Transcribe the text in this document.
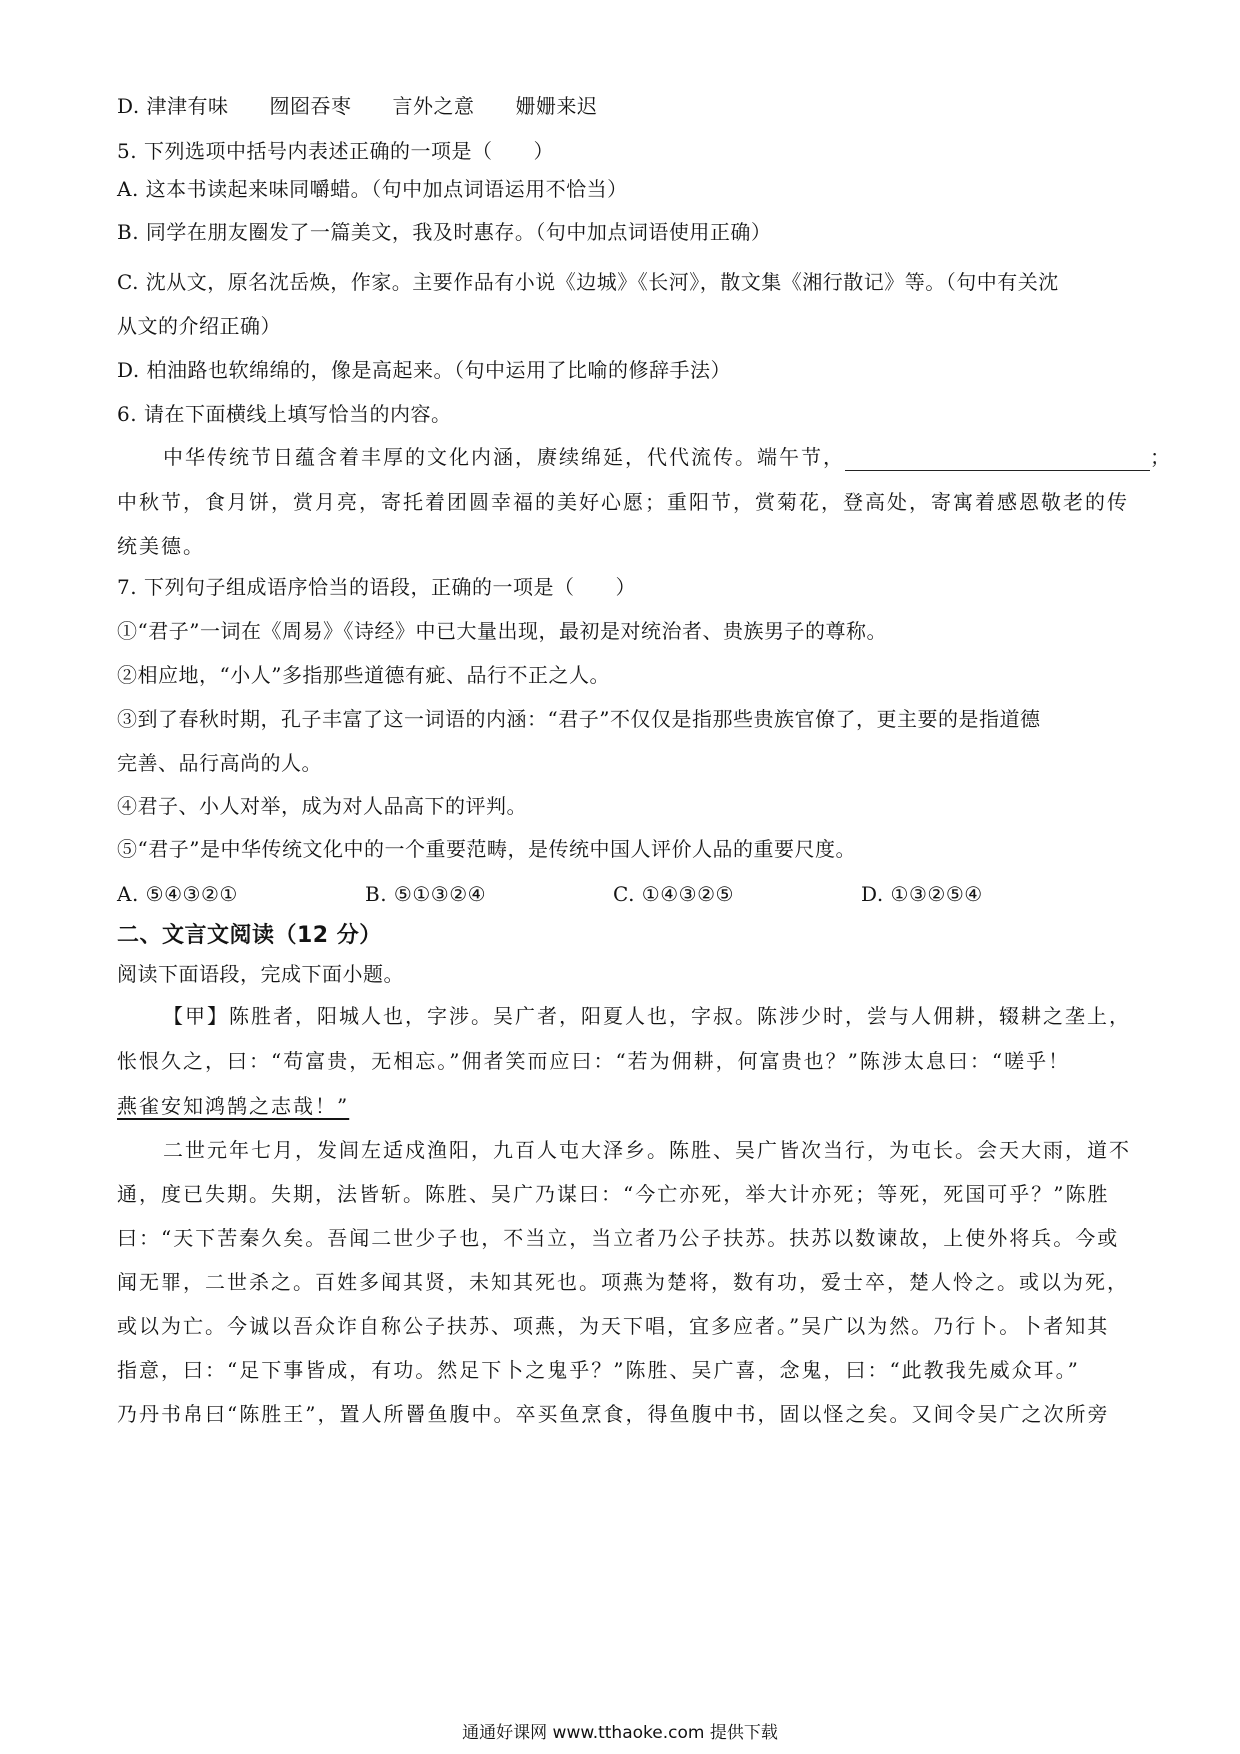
D. 津津有味　　囫囵吞枣　　言外之意　　姗姗来迟
5. 下列选项中括号内表述正确的一项是（　　）
A. 这本书读起来味同嚼蜡。（句中加点词语运用不恰当）
B. 同学在朋友圈发了一篇美文，我及时惠存。（句中加点词语使用正确）
C. 沈从文，原名沈岳焕，作家。主要作品有小说《边城》《长河》，散文集《湘行散记》等。（句中有关沈
从文的介绍正确）
D. 柏油路也软绵绵的，像是高起来。（句中运用了比喻的修辞手法）
6. 请在下面横线上填写恰当的内容。
中华传统节日蕴含着丰厚的文化内涵，赓续绵延，代代流传。端午节，	；
中秋节，食月饼，赏月亮，寄托着团圆幸福的美好心愿；重阳节，赏菊花，登高处，寄寓着感恩敬老的传
统美德。
7. 下列句子组成语序恰当的语段，正确的一项是（　　）
①“君子”一词在《周易》《诗经》中已大量出现，最初是对统治者、贵族男子的尊称。
②相应地，“小人”多指那些道德有疵、品行不正之人。
③到了春秋时期，孔子丰富了这一词语的内涵：“君子”不仅仅是指那些贵族官僚了，更主要的是指道德
完善、品行高尚的人。
④君子、小人对举，成为对人品高下的评判。
⑤“君子”是中华传统文化中的一个重要范畴，是传统中国人评价人品的重要尺度。
A. ⑤④③②①	B. ⑤①③②④	C. ①④③②⑤	D. ①③②⑤④
二、文言文阅读（12 分）
阅读下面语段，完成下面小题。
【甲】陈胜者，阳城人也，字涉。吴广者，阳夏人也，字叔。陈涉少时，尝与人佣耕，辍耕之垄上，
怅恨久之，曰：“苟富贵，无相忘。”佣者笑而应曰：“若为佣耕，何富贵也？”陈涉太息曰：“嗟乎！
燕雀安知鸿鹄之志哉！”
二世元年七月，发闾左适戍渔阳，九百人屯大泽乡。陈胜、吴广皆次当行，为屯长。会天大雨，道不
通，度已失期。失期，法皆斩。陈胜、吴广乃谋曰：“今亡亦死，举大计亦死；等死，死国可乎？”陈胜
曰：“天下苦秦久矣。吾闻二世少子也，不当立，当立者乃公子扶苏。扶苏以数谏故，上使外将兵。今或
闻无罪，二世杀之。百姓多闻其贤，未知其死也。项燕为楚将，数有功，爱士卒，楚人怜之。或以为死，
或以为亡。今诚以吾众诈自称公子扶苏、项燕，为天下唱，宜多应者。”吴广以为然。乃行卜。卜者知其
指意，曰：“足下事皆成，有功。然足下卜之鬼乎？”陈胜、吴广喜，念鬼，曰：“此教我先威众耳。”
乃丹书帛曰“陈胜王”，置人所罾鱼腹中。卒买鱼烹食，得鱼腹中书，固以怪之矣。又间令吴广之次所旁
通通好课网 www.tthaoke.com 提供下载
